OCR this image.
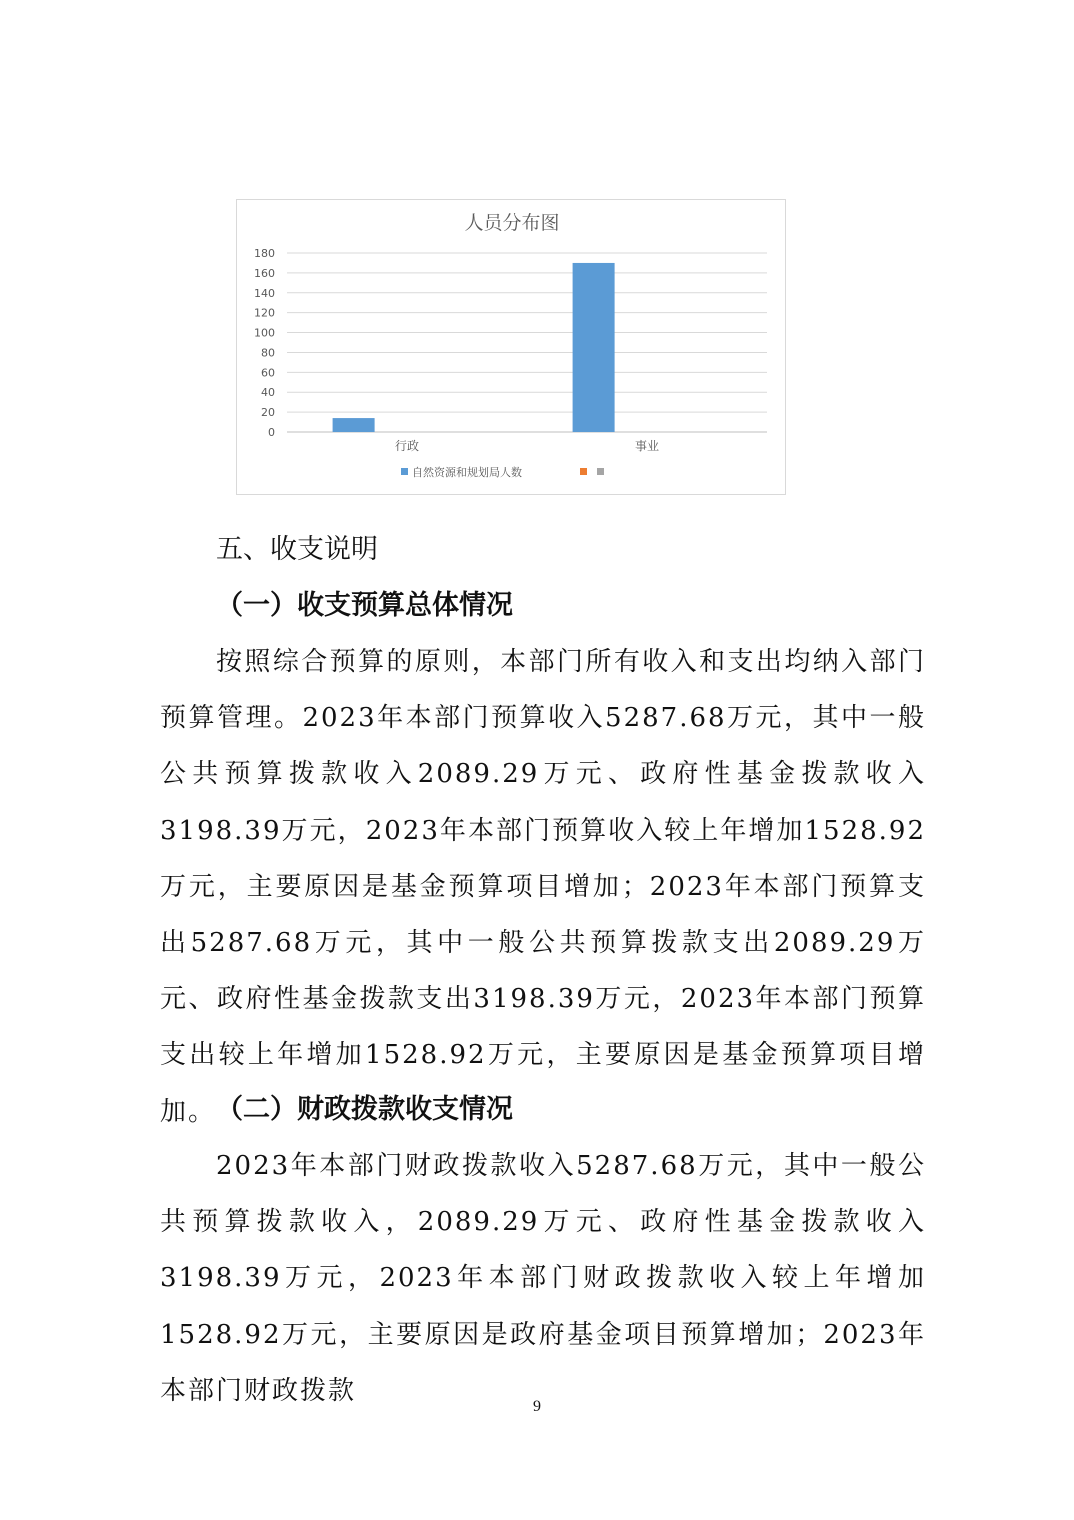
人员分布图
0
20
40
60
80
100
120
140
160
180
行政	事业
自然资源和规划局人数
五、收支说明
（一）收支预算总体情况
按照综合预算的原则，本部门所有收入和支出均纳入部门预算管理。2023年本部门预算收入5287.68万元，其中一般公共预算拨款收入2089.29万元、政府性基金拨款收入3198.39万元，2023年本部门预算收入较上年增加1528.92万元，主要原因是基金预算项目增加；2023年本部门预算支出5287.68万元，其中一般公共预算拨款支出2089.29万元、政府性基金拨款支出3198.39万元，2023年本部门预算支出较上年增加1528.92万元，主要原因是基金预算项目增加。 （二）财政拨款收支情况
2023年本部门财政拨款收入5287.68万元，其中一般公共预算拨款收入，2089.29万元、政府性基金拨款收入3198.39万元，2023年本部门财政拨款收入较上年增加1528.92万元，主要原因是政府基金项目预算增加；2023年本部门财政拨款
9
